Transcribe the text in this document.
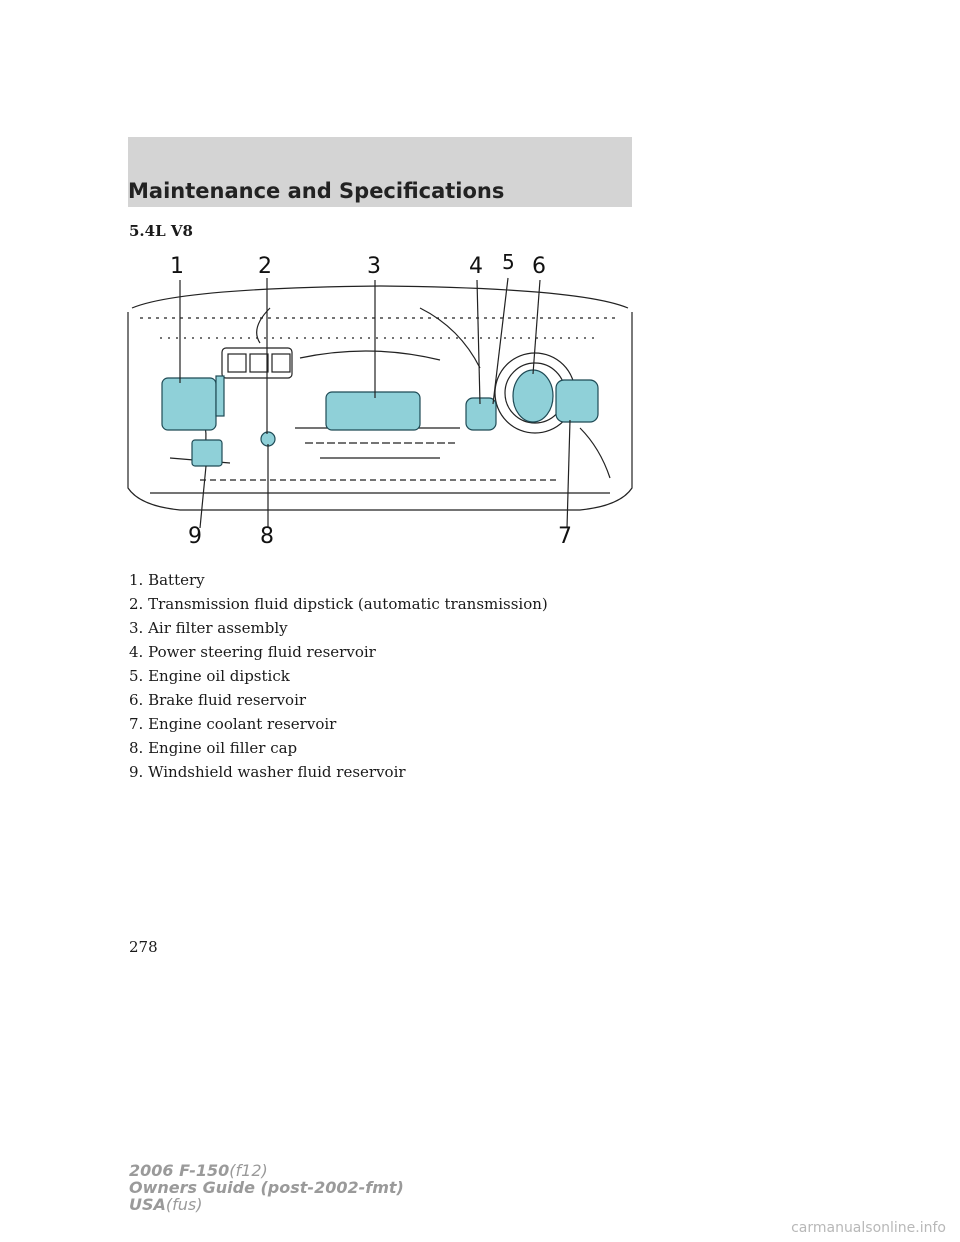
Maintenance and Specifications
5.4L V8
1	2	3	4 5 6
7
8
9
1. Battery
2. Transmission fluid dipstick (automatic transmission)
3. Air filter assembly
4. Power steering fluid reservoir
5. Engine oil dipstick
6. Brake fluid reservoir
7. Engine coolant reservoir
8. Engine oil filler cap
9. Windshield washer fluid reservoir
278
2006 F-150(f12)
Owners Guide (post-2002-fmt)
USA(fus)
carmanualsonline.info
